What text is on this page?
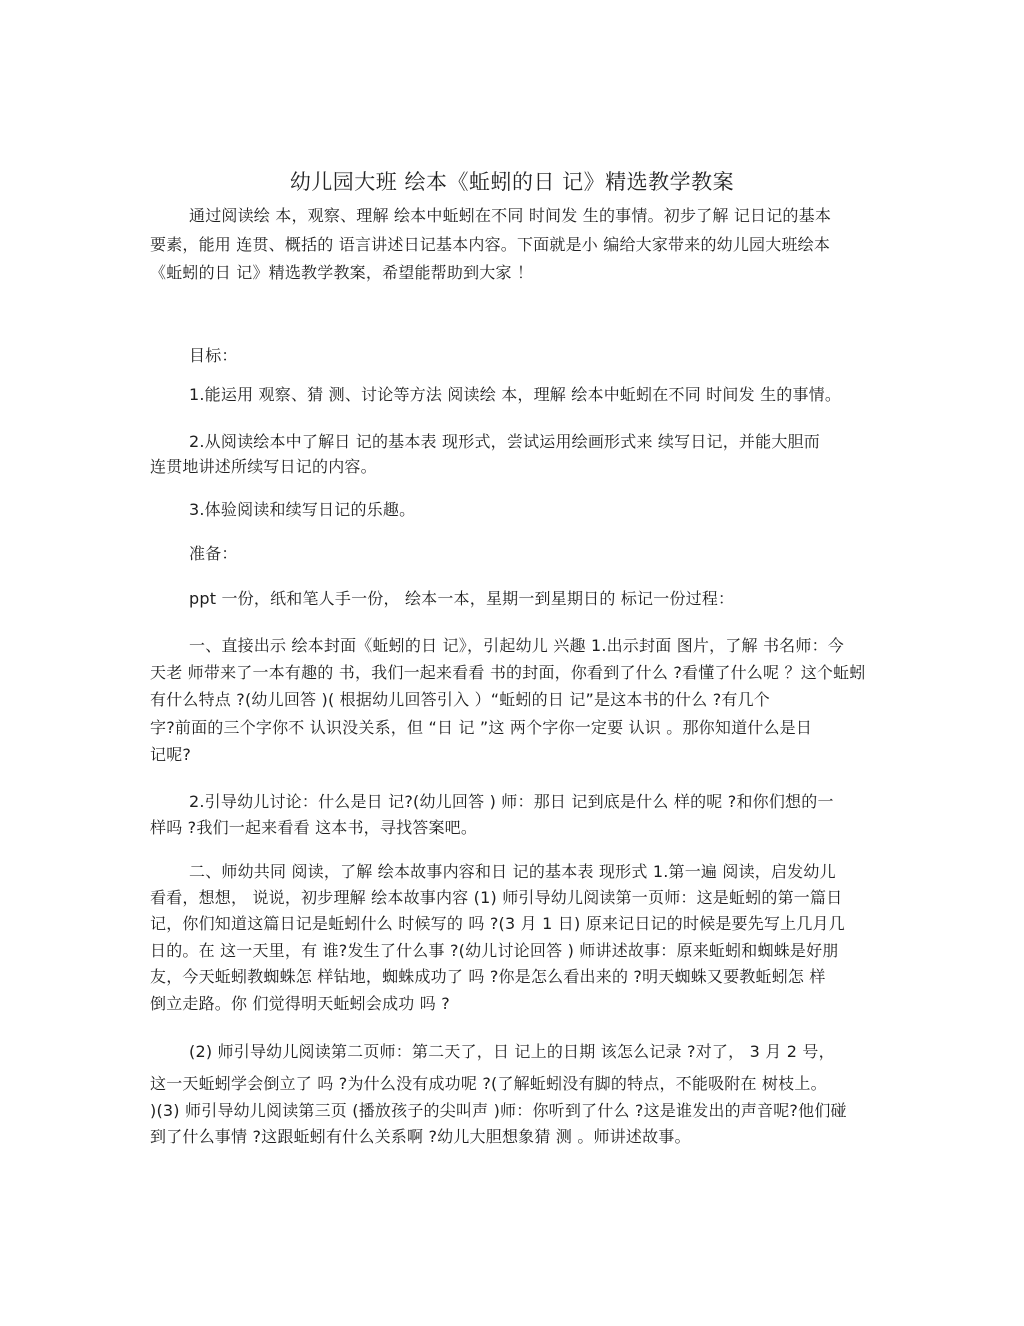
幼儿园大班 绘本《蚯蚓的日 记》精选教学教案
通过阅读绘 本，观察、理解 绘本中蚯蚓在不同 时间发 生的事情。初步了解 记日记的基本
要素，能用 连贯、概括的 语言讲述日记基本内容。下面就是小 编给大家带来的幼儿园大班绘本
《蚯蚓的日 记》精选教学教案，希望能帮助到大家 ！
目标：
1.能运用 观察、猜 测、讨论等方法 阅读绘 本，理解 绘本中蚯蚓在不同 时间发 生的事情。
2.从阅读绘本中了解日 记的基本表 现形式，尝试运用绘画形式来 续写日记，并能大胆而
连贯地讲述所续写日记的内容。
3.体验阅读和续写日记的乐趣。
准备：
ppt 一份，纸和笔人手一份， 绘本一本，星期一到星期日的 标记一份过程：
一、直接出示 绘本封面《蚯蚓的日 记》，引起幼儿 兴趣 1.出示封面 图片，了解 书名师：今
天老 师带来了一本有趣的 书，我们一起来看看 书的封面，你看到了什么 ?看懂了什么呢 ？这个蚯蚓
有什么特点 ?(幼儿回答 )( 根据幼儿回答引入 ）“蚯蚓的日 记”是这本书的什么 ?有几个
字?前面的三个字你不 认识没关系，但 “日 记 ”这 两个字你一定要 认识 。那你知道什么是日
记呢?
2.引导幼儿讨论：什么是日 记?(幼儿回答 ) 师：那日 记到底是什么 样的呢 ?和你们想的一
样吗 ?我们一起来看看 这本书，寻找答案吧。
二、师幼共同 阅读，了解 绘本故事内容和日 记的基本表 现形式 1.第一遍 阅读，启发幼儿
看看，想想， 说说，初步理解 绘本故事内容 (1) 师引导幼儿阅读第一页师：这是蚯蚓的第一篇日
记，你们知道这篇日记是蚯蚓什么 时候写的 吗 ?(3 月 1 日) 原来记日记的时候是要先写上几月几
日的。在 这一天里，有 谁?发生了什么事 ?(幼儿讨论回答 ) 师讲述故事：原来蚯蚓和蜘蛛是好朋
友，今天蚯蚓教蜘蛛怎 样钻地，蜘蛛成功了 吗 ?你是怎么看出来的 ?明天蜘蛛又要教蚯蚓怎 样
倒立走路。你 们觉得明天蚯蚓会成功 吗 ?
(2) 师引导幼儿阅读第二页师：第二天了，日 记上的日期 该怎么记录 ?对了， 3 月 2 号，
这一天蚯蚓学会倒立了 吗 ?为什么没有成功呢 ?(了解蚯蚓没有脚的特点，不能吸附在 树枝上。
)(3) 师引导幼儿阅读第三页 (播放孩子的尖叫声 )师：你听到了什么 ?这是谁发出的声音呢?他们碰
到了什么事情 ?这跟蚯蚓有什么关系啊 ?幼儿大胆想象猜 测 。师讲述故事。
